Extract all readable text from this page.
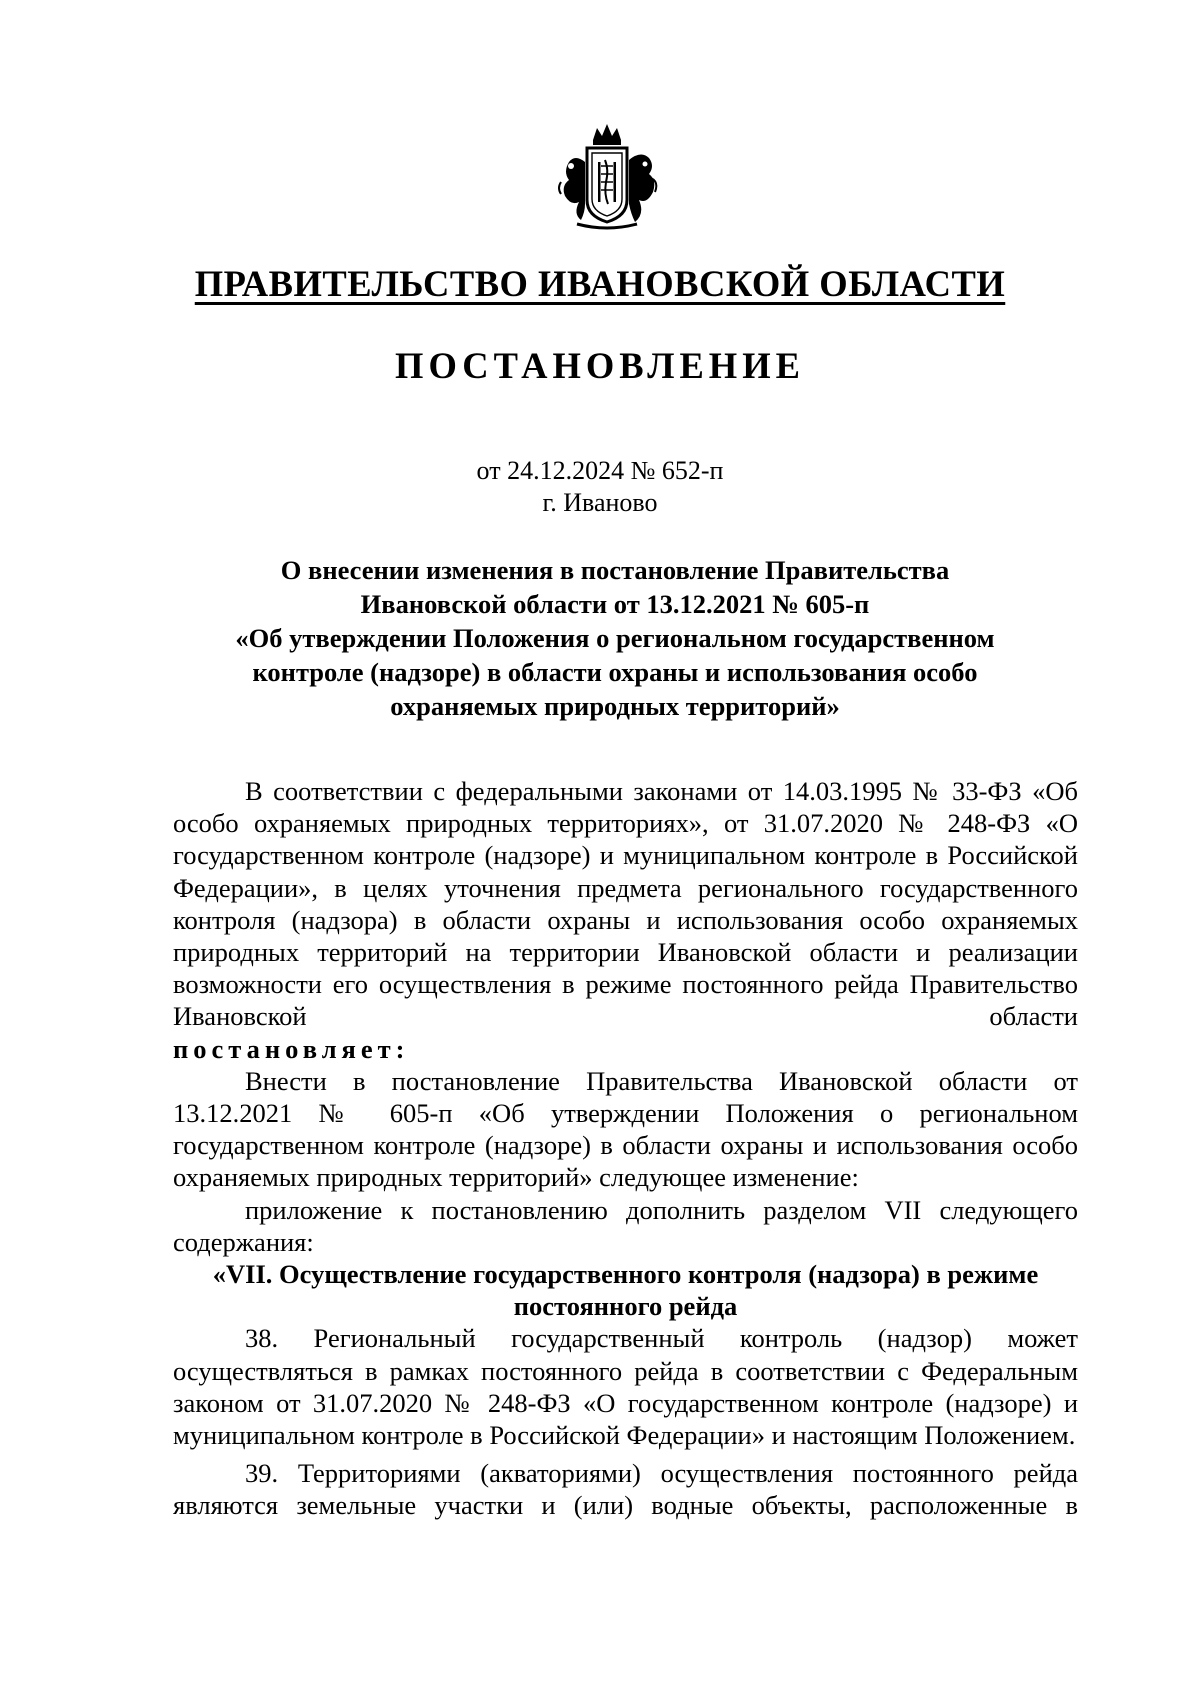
ПРАВИТЕЛЬСТВО ИВАНОВСКОЙ ОБЛАСТИ
ПОСТАНОВЛЕНИЕ
от 24.12.2024 № 652-п
г. Иваново
О внесении изменения в постановление Правительства
Ивановской области от 13.12.2021 № 605-п
«Об утверждении Положения о региональном государственном
контроле (надзоре) в области охраны и использования особо
охраняемых природных территорий»

В соответствии с федеральными законами от 14.03.1995 № 33-ФЗ «Об особо охраняемых природных территориях», от 31.07.2020 № 248-ФЗ «О государственном контроле (надзоре) и муниципальном контроле в Российской Федерации», в целях уточнения предмета регионального государственного контроля (надзора) в области охраны и использования особо охраняемых природных территорий на территории Ивановской области и реализации возможности его осуществления в режиме постоянного рейда Правительство Ивановской области

постановляет:

Внести в постановление Правительства Ивановской области от 13.12.2021 № 605-п «Об утверждении Положения о региональном государственном контроле (надзоре) в области охраны и использования особо охраняемых природных территорий» следующее изменение:

приложение к постановлению дополнить разделом VII следующего содержания:

«VII. Осуществление государственного контроля (надзора) в режиме постоянного рейда

38. Региональный государственный контроль (надзор) может осуществляться в рамках постоянного рейда в соответствии с Федеральным законом от 31.07.2020 № 248-ФЗ «О государственном контроле (надзоре) и муниципальном контроле в Российской Федерации» и настоящим Положением.

39. Территориями (акваториями) осуществления постоянного рейда являются земельные участки и (или) водные объекты, расположенные в
